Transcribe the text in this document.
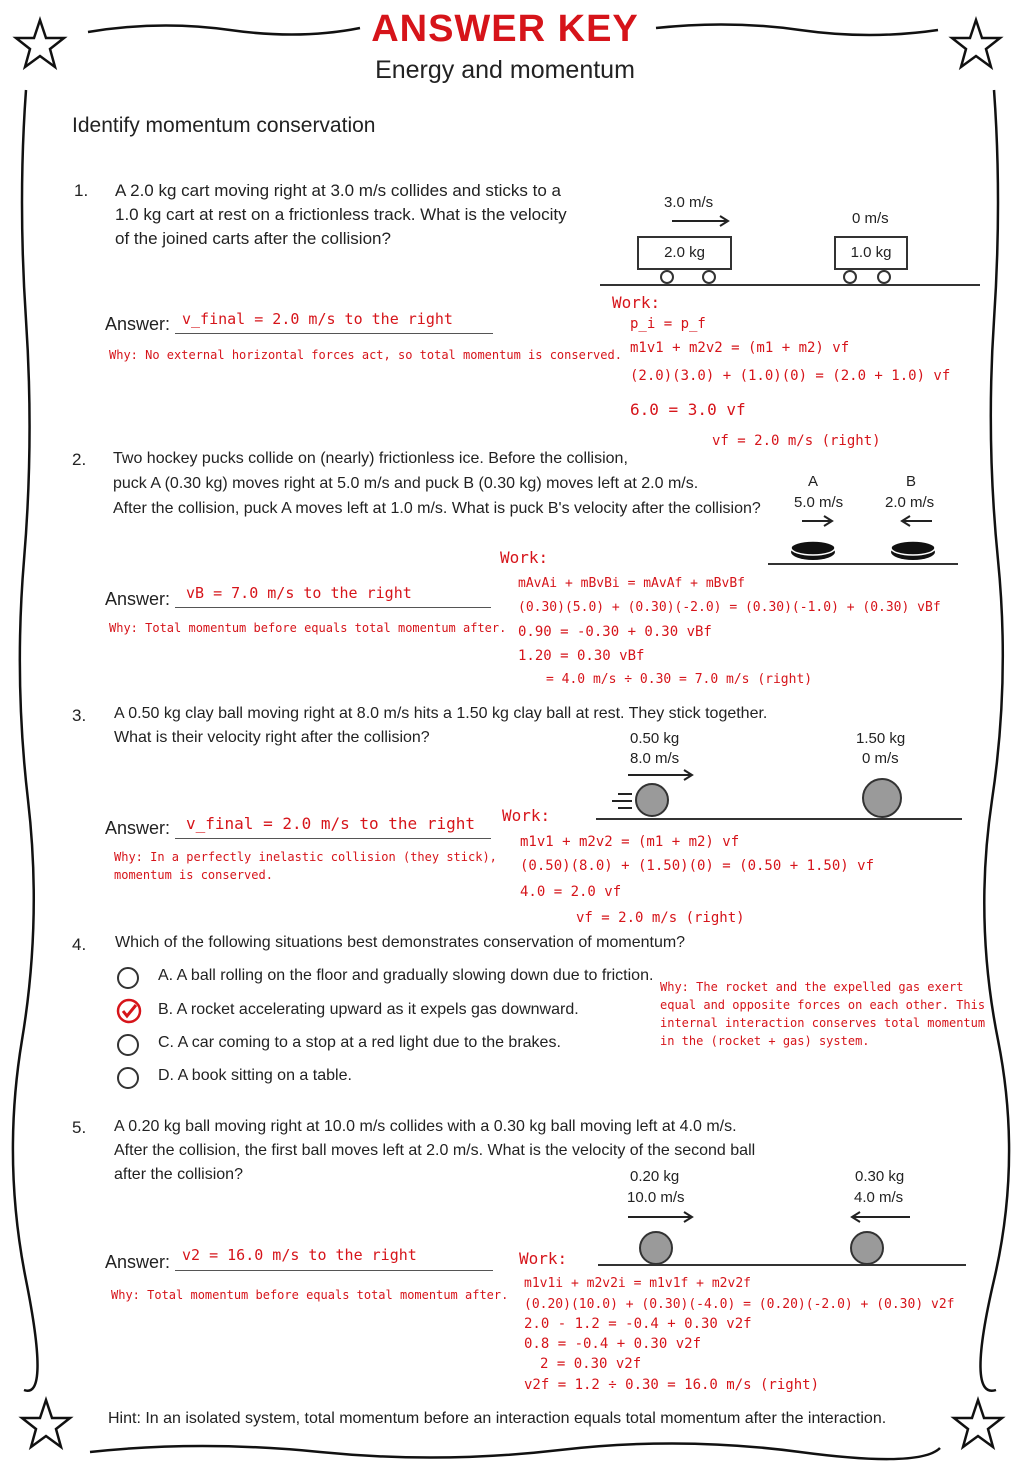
ANSWER KEY
Energy and momentum
Identify momentum conservation
1. A 2.0 kg cart moving right at 3.0 m/s collides and sticks to a
1.0 kg cart at rest on a frictionless track. What is the velocity
of the joined carts after the collision?
Answer: v_final = 2.0 m/s to the right
Why: No external horizontal forces act, so total momentum is conserved.
Work:
p_i = p_f
m1v1 + m2v2 = (m1 + m2) vf
(2.0)(3.0) + (1.0)(0) = (2.0 + 1.0) vf
6.0 = 3.0 vf
vf = 2.0 m/s (right)
3.0 m/s
0 m/s
2.0 kg	1.0 kg
2. Two hockey pucks collide on (nearly) frictionless ice. Before the collision,
puck A (0.30 kg) moves right at 5.0 m/s and puck B (0.30 kg) moves left at 2.0 m/s.
After the collision, puck A moves left at 1.0 m/s. What is puck B's velocity after the collision?
A	B
5.0 m/s	2.0 m/s
Answer: vB = 7.0 m/s to the right
Why: Total momentum before equals total momentum after.
Work:
mAvAi + mBvBi = mAvAf + mBvBf
(0.30)(5.0) + (0.30)(-2.0) = (0.30)(-1.0) + (0.30) vBf
0.90 = -0.30 + 0.30 vBf
1.20 = 0.30 vBf
= 4.0 m/s ÷ 0.30 = 7.0 m/s (right)
3. A 0.50 kg clay ball moving right at 8.0 m/s hits a 1.50 kg clay ball at rest. They stick together.
What is their velocity right after the collision?	0.50 kg
8.0 m/s
1.50 kg
0 m/s
Answer: v_final = 2.0 m/s to the right
Why: In a perfectly inelastic collision (they stick),
momentum is conserved.
Work:
m1v1 + m2v2 = (m1 + m2) vf
(0.50)(8.0) + (1.50)(0) = (0.50 + 1.50) vf
4.0 = 2.0 vf
vf = 2.0 m/s (right)
4. Which of the following situations best demonstrates conservation of momentum?
A. A ball rolling on the floor and gradually slowing down due to friction.
B. A rocket accelerating upward as it expels gas downward.
C. A car coming to a stop at a red light due to the brakes.
D. A book sitting on a table.
Why: The rocket and the expelled gas exert
equal and opposite forces on each other. This
internal interaction conserves total momentum
in the (rocket + gas) system.
5. A 0.20 kg ball moving right at 10.0 m/s collides with a 0.30 kg ball moving left at 4.0 m/s.
After the collision, the first ball moves left at 2.0 m/s. What is the velocity of the second ball
after the collision?	0.20 kg
10.0 m/s
0.30 kg
4.0 m/s
Answer: v2 = 16.0 m/s to the right
Why: Total momentum before equals total momentum after.
Work:
m1v1i + m2v2i = m1v1f + m2v2f
(0.20)(10.0) + (0.30)(-4.0) = (0.20)(-2.0) + (0.30) v2f
2.0 - 1.2 = -0.4 + 0.30 v2f
0.8 = -0.4 + 0.30 v2f
2 = 0.30 v2f
v2f = 1.2 ÷ 0.30 = 16.0 m/s (right)
Hint: In an isolated system, total momentum before an interaction equals total momentum after the interaction.
